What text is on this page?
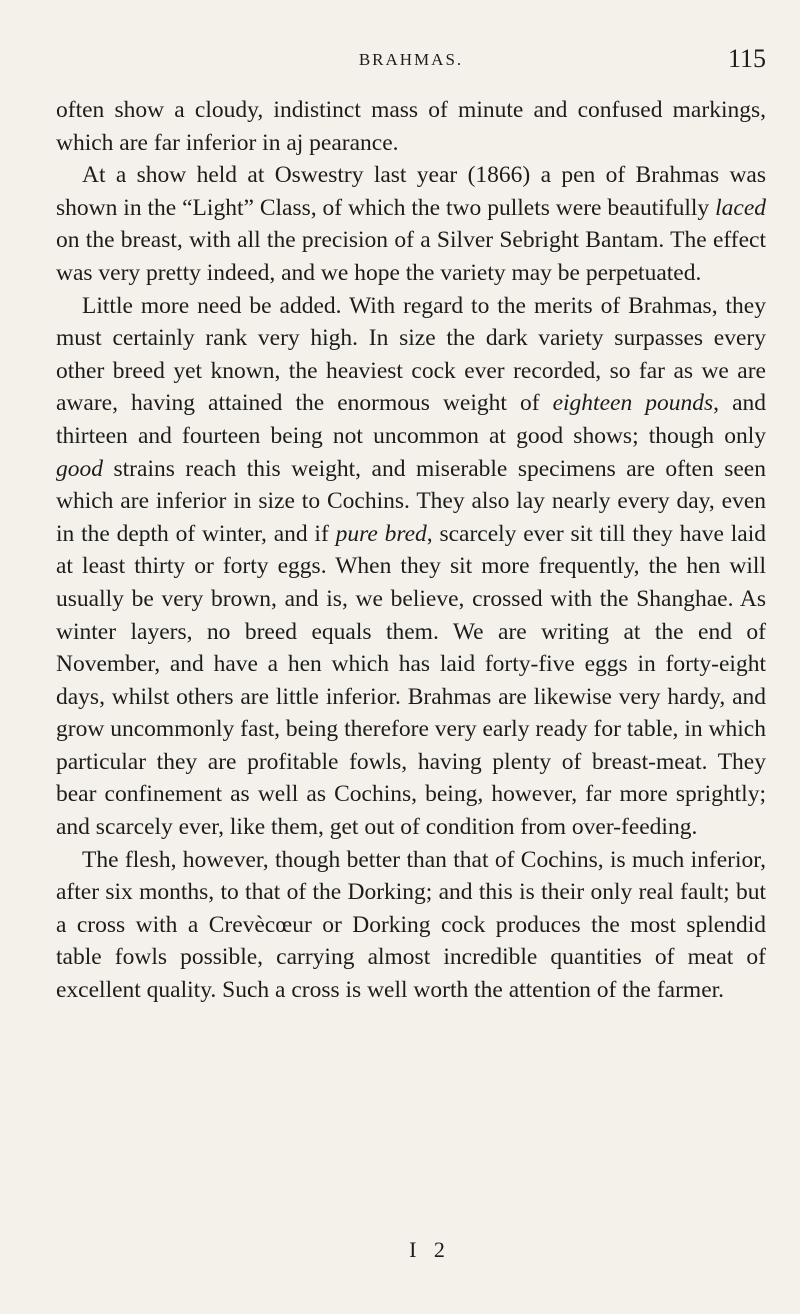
BRAHMAS.	115

often show a cloudy, indistinct mass of minute and confused markings, which are far inferior in aj pearance.

At a show held at Oswestry last year (1866) a pen of Brahmas was shown in the “Light” Class, of which the two pullets were beautifully laced on the breast, with all the precision of a Silver Sebright Bantam. The effect was very pretty indeed, and we hope the variety may be perpetuated.

Little more need be added. With regard to the merits of Brahmas, they must certainly rank very high. In size the dark variety surpasses every other breed yet known, the heaviest cock ever recorded, so far as we are aware, having attained the enormous weight of eighteen pounds, and thirteen and fourteen being not uncommon at good shows; though only good strains reach this weight, and miserable specimens are often seen which are inferior in size to Cochins. They also lay nearly every day, even in the depth of winter, and if pure bred, scarcely ever sit till they have laid at least thirty or forty eggs. When they sit more frequently, the hen will usually be very brown, and is, we believe, crossed with the Shanghae. As winter layers, no breed equals them. We are writing at the end of November, and have a hen which has laid forty-five eggs in forty-eight days, whilst others are little inferior. Brahmas are likewise very hardy, and grow uncommonly fast, being therefore very early ready for table, in which particular they are profitable fowls, having plenty of breast-meat. They bear confinement as well as Cochins, being, however, far more sprightly; and scarcely ever, like them, get out of condition from over-feeding.

The flesh, however, though better than that of Cochins, is much inferior, after six months, to that of the Dorking; and this is their only real fault; but a cross with a Crevècœur or Dorking cock produces the most splendid table fowls possible, carrying almost incredible quantities of meat of excellent quality. Such a cross is well worth the attention of the farmer.

I 2
